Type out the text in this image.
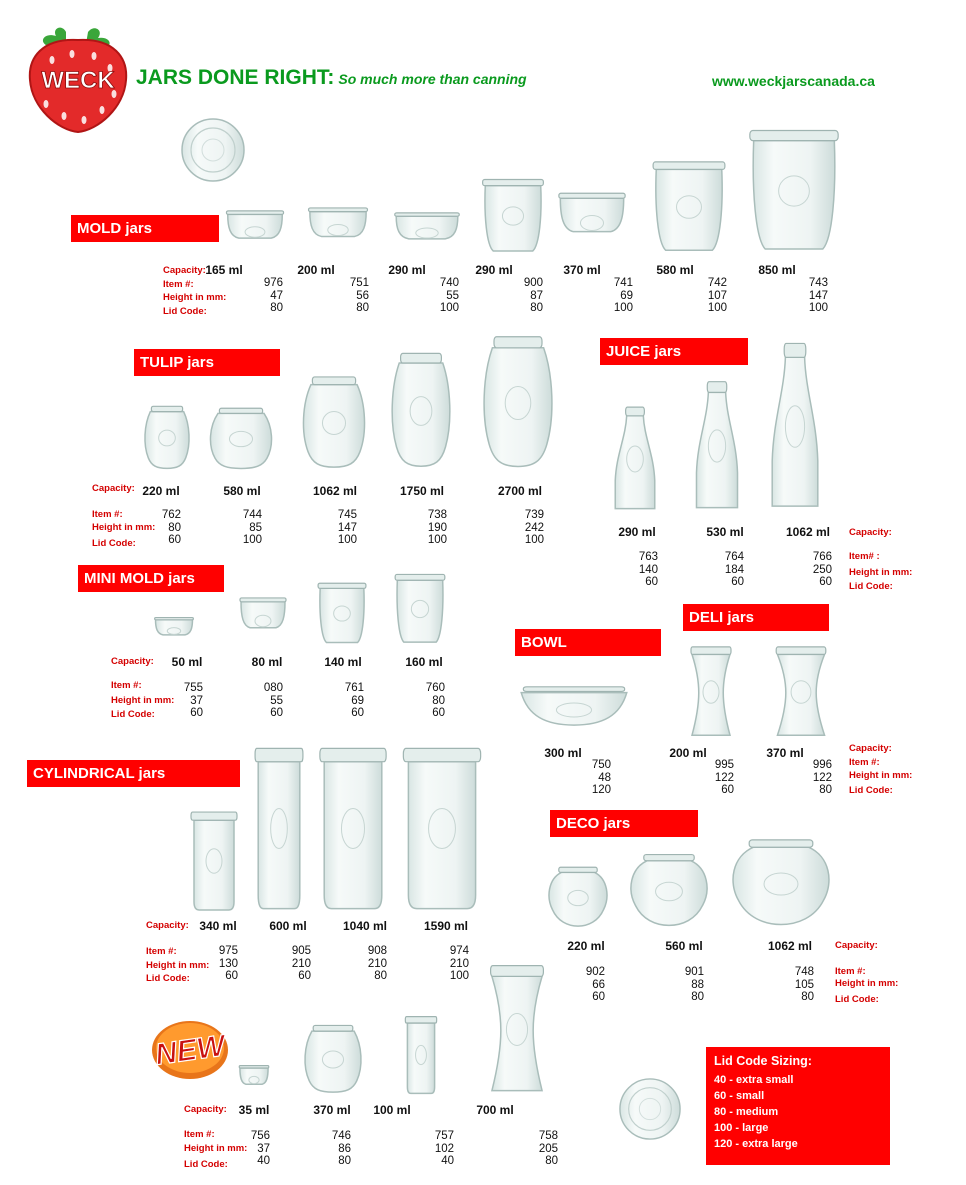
WECK JARS DONE RIGHT: So much more than canning	www.weckjarscanada.ca
MOLD jars
TULIP jars
JUICE jars
MINI MOLD jars
BOWL
DELI jars
CYLINDRICAL jars
DECO jars
NEW	Lid Code Sizing:
40 - extra small
60 - small
80 - medium
100 - large
120 - extra large
165 ml
976
47
80
200 ml
751
56
80
290 ml
740
55
100
290 ml
900
87
80
370 ml
741
69
100
580 ml
742
107
100
850 ml
743
147
100
Capacity:
Item #:
Height in mm:
Lid Code:
220 ml
762
80
60
580 ml
744
85
100
1062 ml
745
147
100
1750 ml
738
190
100
2700 ml
739
242
100
Capacity:
Item #:
Height in mm:
Lid Code:
290 ml
763
140
60
530 ml
764
184
60
1062 ml
766
250
60
Capacity:
Item# :
Height in mm:
Lid Code:
50 ml
755
37
60
80 ml
080
55
60
140 ml
761
69
60
160 ml
760
80
60
Capacity:
Item #:
Height in mm:
Lid Code:
300 ml
750
48
120
200 ml
995
122
60
370 ml
996
122
80
Capacity:
Item #:
Height in mm:
Lid Code:
340 ml
975
130
60
600 ml
905
210
60
1040 ml
908
210
80
1590 ml
974
210
100
Capacity:
Item #:
Height in mm:
Lid Code:
220 ml
902
66
60
560 ml
901
88
80
1062 ml
748
105
80
Capacity:
Item #:
Height in mm:
Lid Code:
35 ml
756
37
40
370 ml
746
86
80
100 ml
757
102
40
700 ml
758
205
80
Capacity:
Item #:
Height in mm:
Lid Code:
